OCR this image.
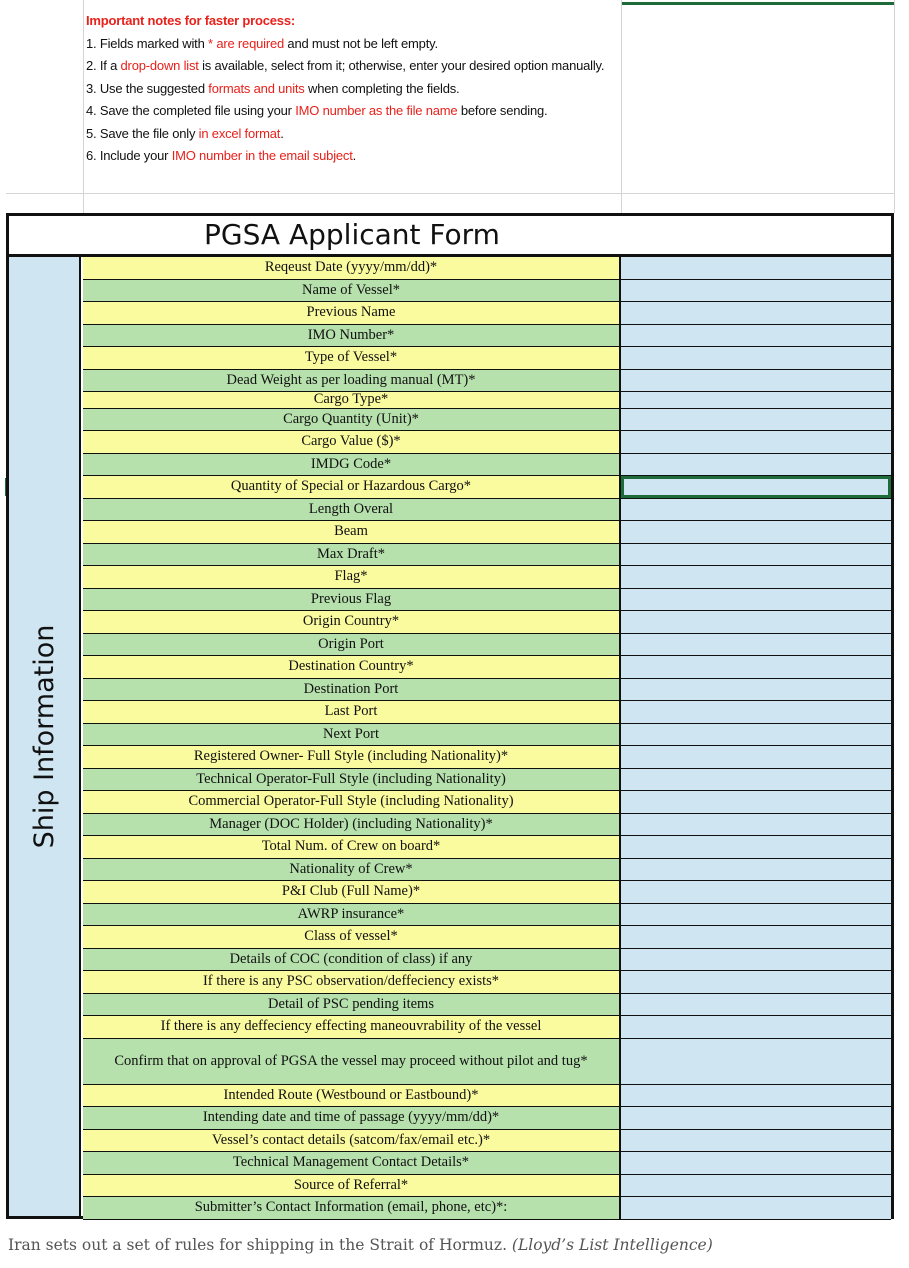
Important notes for faster process:

1. Fields marked with * are required and must not be left empty.

2. If a drop-down list is available, select from it; otherwise, enter your desired option manually.

3. Use the suggested formats and units when completing the fields.

4. Save the completed file using your IMO number as the file name before sending.

5. Save the file only in excel format.

6. Include your IMO number in the email subject.

PGSA Applicant Form
Ship Information
Reqeust Date (yyyy/mm/dd)*
Name of Vessel*
Previous Name
IMO Number*
Type of Vessel*
Dead Weight as per loading manual (MT)*
Cargo Type*
Cargo Quantity (Unit)*
Cargo Value ($)*
IMDG Code*
Quantity of Special or Hazardous Cargo*
Length Overal
Beam
Max Draft*
Flag*
Previous Flag
Origin Country*
Origin Port
Destination Country*
Destination Port
Last Port
Next Port
Registered Owner- Full Style (including Nationality)*
Technical Operator-Full Style (including Nationality)
Commercial Operator-Full Style (including Nationality)
Manager (DOC Holder) (including Nationality)*
Total Num. of Crew on board*
Nationality of Crew*
P&I Club (Full Name)*
AWRP insurance*
Class of vessel*
Details of COC (condition of class) if any
If there is any PSC observation/deffeciency exists*
Detail of PSC pending items
If there is any deffeciency effecting maneouvrability of the vessel
Confirm that on approval of PGSA the vessel may proceed without pilot and tug*
Intended Route (Westbound or Eastbound)*
Intending date and time of passage (yyyy/mm/dd)*
Vessel’s contact details (satcom/fax/email etc.)*
Technical Management Contact Details*
Source of Referral*
Submitter’s Contact Information (email, phone, etc)*:
Iran sets out a set of rules for shipping in the Strait of Hormuz. (Lloyd’s List Intelligence)
